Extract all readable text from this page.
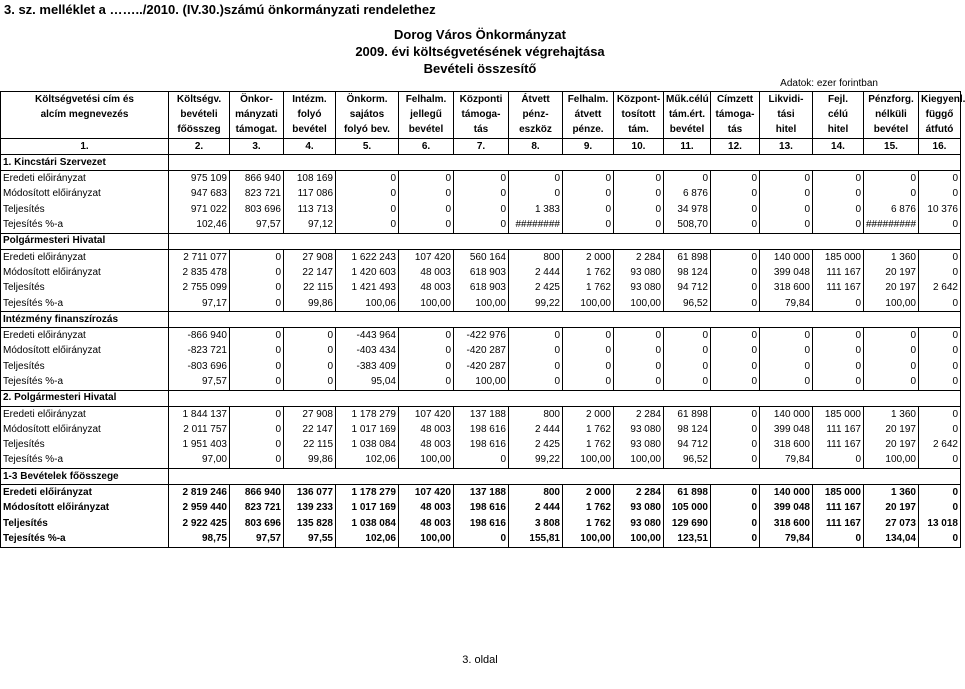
3. sz. melléklet a ……../2010. (IV.30.)számú önkormányzati rendelethez
Dorog Város Önkormányzat
2009. évi költségvetésének végrehajtása
Bevételi összesítő
Adatok: ezer forintban
Költségvetési cím és	Költségv.	Önkor-	Intézm.	Önkorm.	Felhalm.	Központi	Átvett	Felhalm.	Központ-	Műk.célú	Címzett	Likvidi-	Fejl.	Pénzforg.	Kiegyenl.
alcím megnevezés	bevételi	mányzati	folyó	sajátos	jellegű	támoga-	pénz-	átvett	tosított	tám.ért.	támoga-	tási	célú	nélküli	függő
	főösszeg	támogat.	bevétel	folyó bev.	bevétel	tás	eszköz	pénze.	tám.	bevétel	tás	hitel	hitel	bevétel	átfutó
1.	2.	3.	4.	5.	6.	7.	8.	9.	10.	11.	12.	13.	14.	15.	16.
1. Kincstári Szervezet															
Eredeti előirányzat	975 109	866 940	108 169	0	0	0	0	0	0	0	0	0	0	0	0
Módosított előirányzat	947 683	823 721	117 086	0	0	0	0	0	0	6 876	0	0	0	0	0
Teljesítés	971 022	803 696	113 713	0	0	0	1 383	0	0	34 978	0	0	0	6 876	10 376
Tejesítés %-a	102,46	97,57	97,12	0	0	0	########	0	0	508,70	0	0	0	#########	0
Polgármesteri Hivatal															
Eredeti előirányzat	2 711 077	0	27 908	1 622 243	107 420	560 164	800	2 000	2 284	61 898	0	140 000	185 000	1 360	0
Módosított előirányzat	2 835 478	0	22 147	1 420 603	48 003	618 903	2 444	1 762	93 080	98 124	0	399 048	111 167	20 197	0
Teljesítés	2 755 099	0	22 115	1 421 493	48 003	618 903	2 425	1 762	93 080	94 712	0	318 600	111 167	20 197	2 642
Tejesítés %-a	97,17	0	99,86	100,06	100,00	100,00	99,22	100,00	100,00	96,52	0	79,84	0	100,00	0
Intézmény finanszírozás															
Eredeti előirányzat	-866 940	0	0	-443 964	0	-422 976	0	0	0	0	0	0	0	0	0
Módosított előirányzat	-823 721	0	0	-403 434	0	-420 287	0	0	0	0	0	0	0	0	0
Teljesítés	-803 696	0	0	-383 409	0	-420 287	0	0	0	0	0	0	0	0	0
Tejesítés %-a	97,57	0	0	95,04	0	100,00	0	0	0	0	0	0	0	0	0
2. Polgármesteri Hivatal															
Eredeti előirányzat	1 844 137	0	27 908	1 178 279	107 420	137 188	800	2 000	2 284	61 898	0	140 000	185 000	1 360	0
Módosított előirányzat	2 011 757	0	22 147	1 017 169	48 003	198 616	2 444	1 762	93 080	98 124	0	399 048	111 167	20 197	0
Teljesítés	1 951 403	0	22 115	1 038 084	48 003	198 616	2 425	1 762	93 080	94 712	0	318 600	111 167	20 197	2 642
Tejesítés %-a	97,00	0	99,86	102,06	100,00	0	99,22	100,00	100,00	96,52	0	79,84	0	100,00	0
1-3 Bevételek főösszege															
Eredeti előirányzat	2 819 246	866 940	136 077	1 178 279	107 420	137 188	800	2 000	2 284	61 898	0	140 000	185 000	1 360	0
Módosított előirányzat	2 959 440	823 721	139 233	1 017 169	48 003	198 616	2 444	1 762	93 080	105 000	0	399 048	111 167	20 197	0
Teljesítés	2 922 425	803 696	135 828	1 038 084	48 003	198 616	3 808	1 762	93 080	129 690	0	318 600	111 167	27 073	13 018
Tejesítés %-a	98,75	97,57	97,55	102,06	100,00	0	155,81	100,00	100,00	123,51	0	79,84	0	134,04	0
3. oldal
